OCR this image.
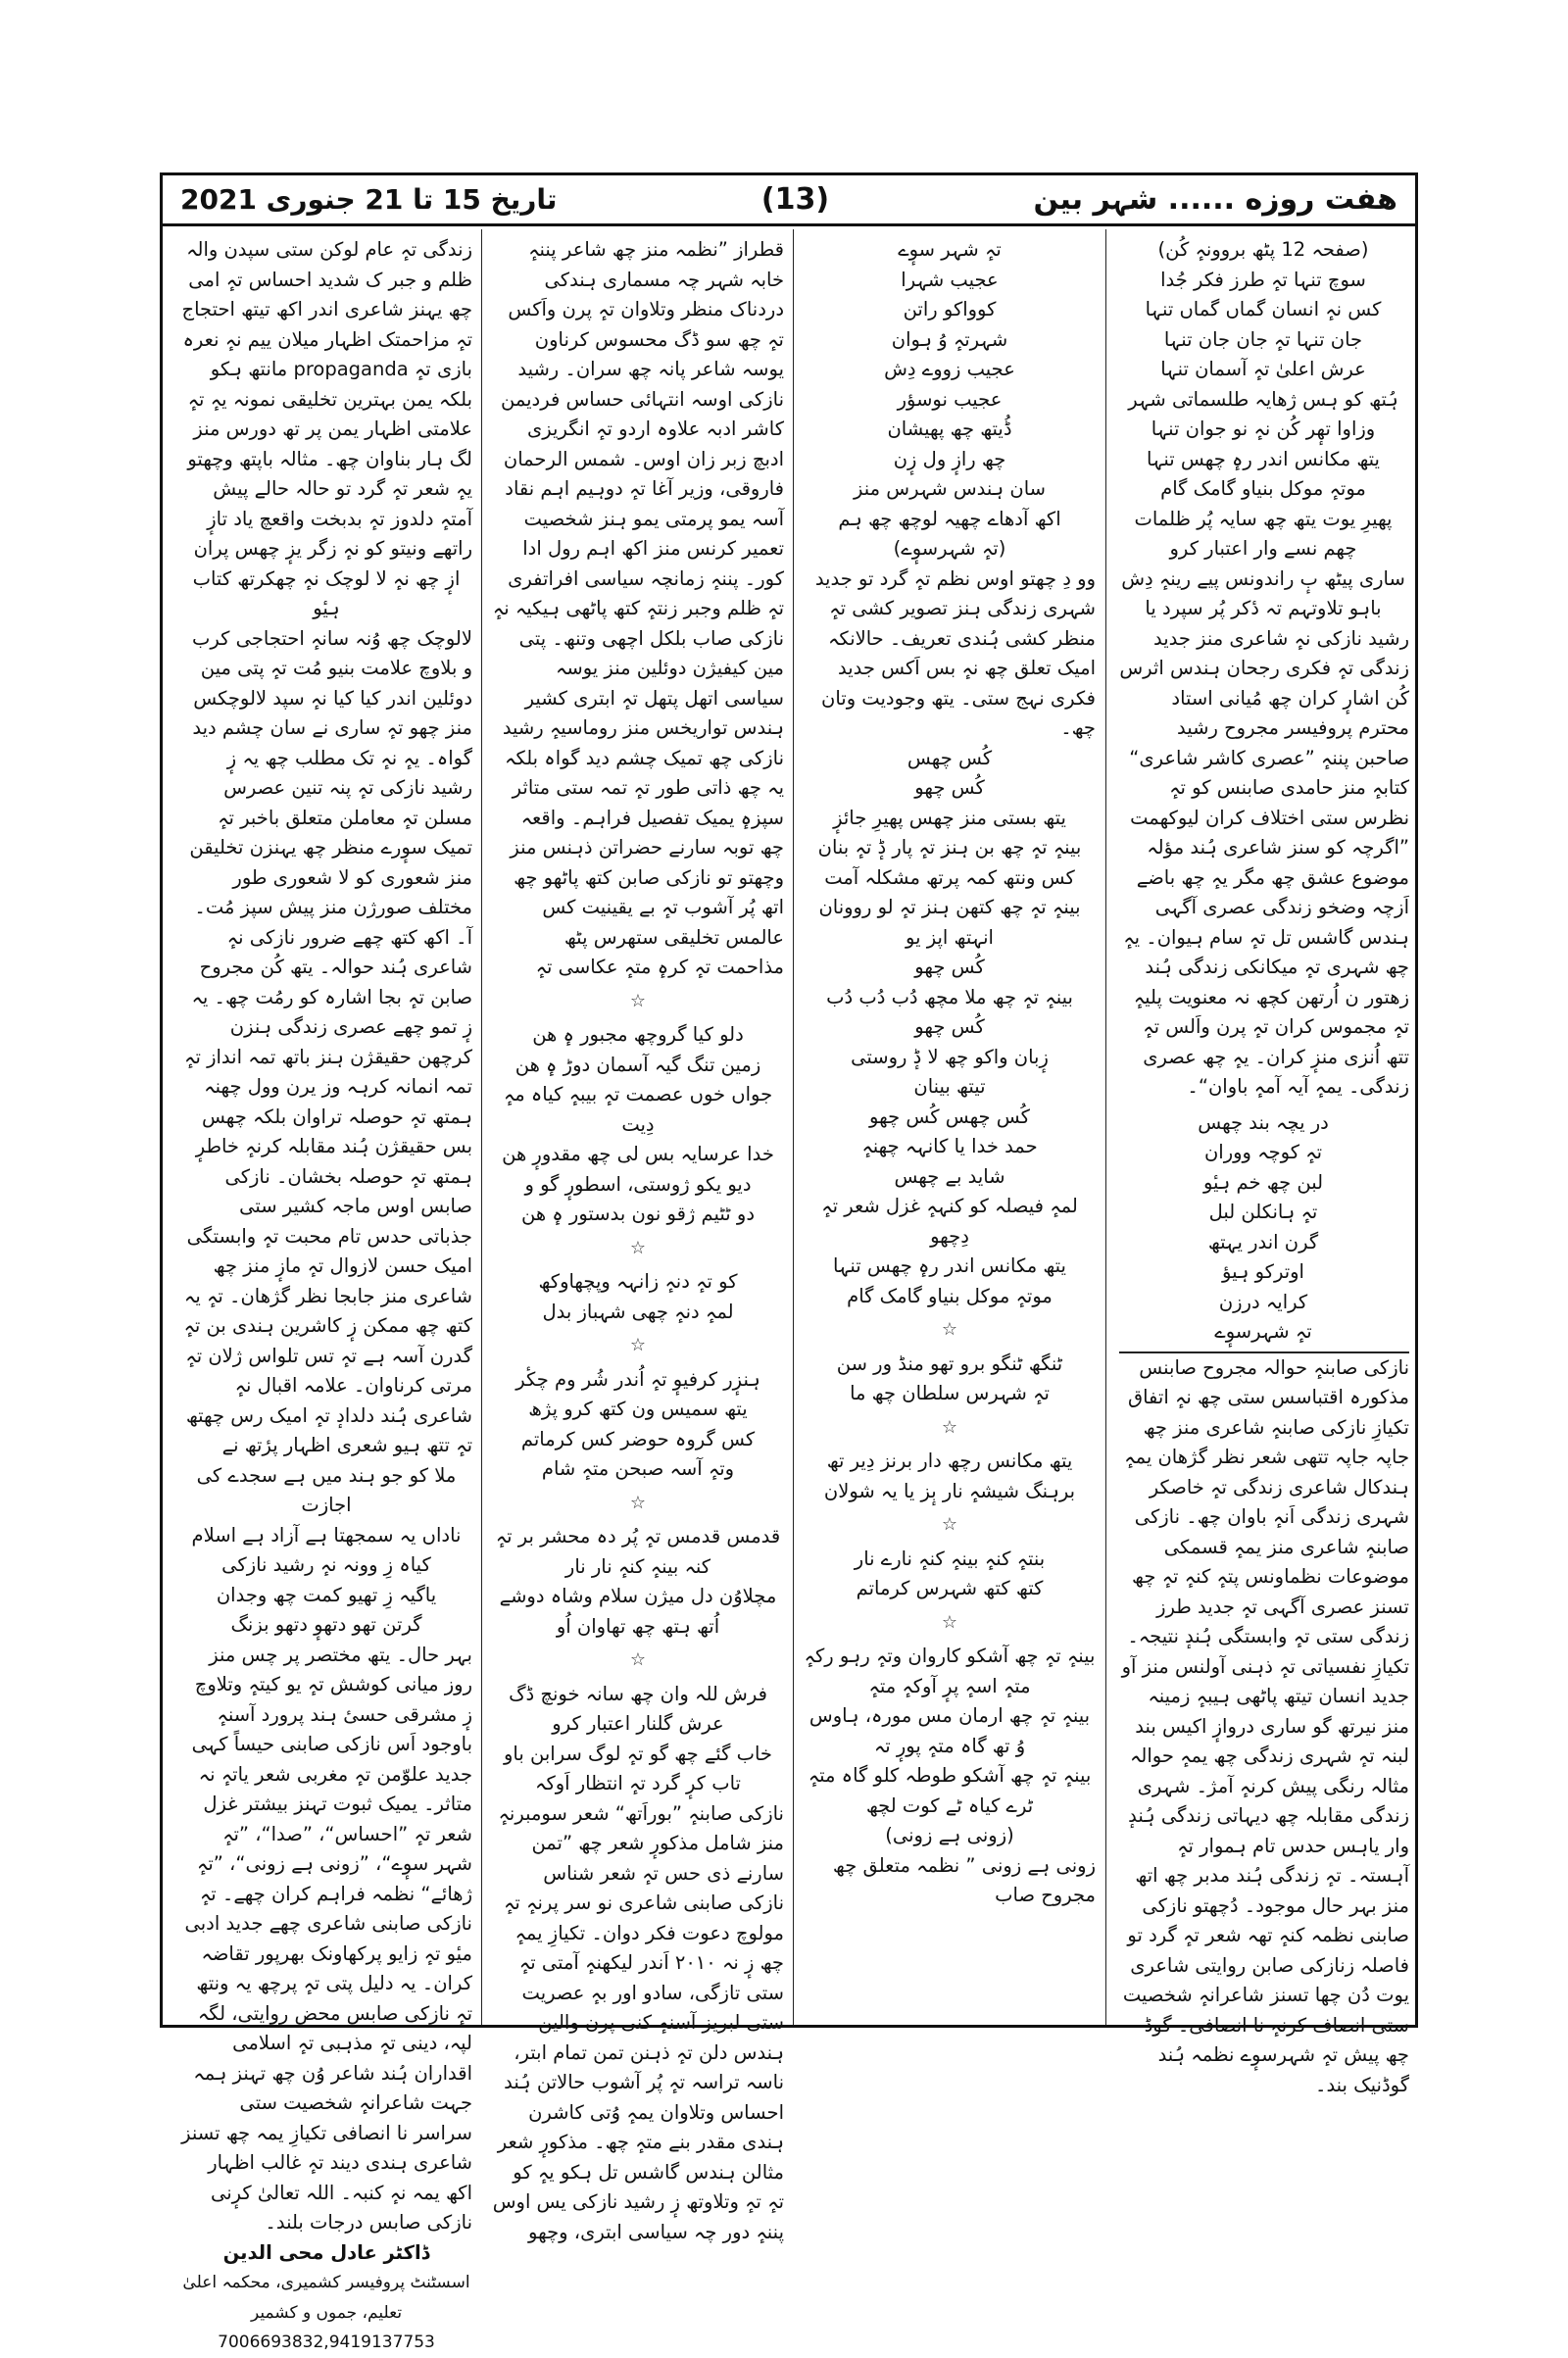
تاریخ 15 تا 21 جنوری 2021	(13)	هفت روزه ...... شہر بین

(صفحہ 12 پٹھ بروونہٕ کُن)

سوچ تنہا تہٕ طرز فکر جُدا

کس نہٕ انسان گماں گماں تنہا

جان تنہا تہٕ جان جان تنہا

عرش اعلیٰ تہٕ آسمان تنہا

ہُتھ کو ہس ژھایہ طلسماتی شہر

وزاوا تھٕر کُن نہٕ نو جوان تنہا

یتھ مکانس اندر رہٕ چھس تنہا

موتہٕ موکل بنیاو گامک گام

پھیرِ یوت یتھ چھ سایہ پُر ظلمات

چھم نسے وار اعتبار کرو

ساری پیٹھ بٕ راندونس پیے رینہٕ دِش

باہو تلاوتہم تہ دٔکر پُر سپرد یا

رشید نازکی نہٕ شاعری منز جدید زندگی تہٕ فکری رجحان ہندس اثرس کُن اشارٕ کران چھ مُیانی استاد محترم پروفیسر مجروح رشید صاحبن پننہٕ ”عصری کاشر شاعری“ کتابہٕ منز حامدی صابنس کو تہٕ نظرس ستی اختلاف کران لیوکھمت ”اگرچہ کو سنز شاعری ہُند مؤلہ موضوع عشق چھ مگر یہٕ چھ باضے اَزچہ وضخو زندگی عصری آگہی ہندس گاشس تل تہٕ سام ہیوان۔ یہٕ چھ شہری تہٕ میکانکی زندگی ہُند زھتور ن اُرتھن کچھ نہ معنویت پلیہٕ تہٕ مجموس کران تہٕ پرن واَلس تہٕ تتھ اُنزی منزٕ کران۔ یہٕ چھ عصری زندگی۔ یمہٕ آیہ آمہٕ باوان“۔

در یچہ بند چھس

تہٕ کوچہ ووران

لبن چھ خم ہیٔو

تہٕ ہانکلن لبل

گرن اندر یہتھ

اوترکو ہیؤ

کرایہ درزن

تہٕ شہرسوٕے

نازکی صابنہٕ حوالہ مجروح صابنس مذکورہ اقتباسس ستی چھ نہٕ اتفاق تکیازِ نازکی صابنہٕ شاعری منز چھ جاپہ جاپہ تتھی شعر نظر گژھان یمہٕ ہندکال شاعری زندگی تہٕ خاصکر شہری زندگی اَنہٕ باوان چھ۔ نازکی صابنہٕ شاعری منز یمہٕ قسمکی موضوعات نظماونس پتہٕ کنہٕ تہٕ چھ تسنز عصری آگہی تہٕ جدید طرز زندگی ستی تہٕ وابستگی ہُندٕ نتیجہ۔ تکیازِ نفسیاتی تہٕ ذہنی آولنس منز آو جدید انسان تیتھ پاٹھی ہیبہٕ زمینہ منز نیرتھ گو ساری دروازٕ اکیس بند لبنہ تہٕ شہری زندگی چھ یمہٕ حوالہ مثالہ رنگی پیش کرنہٕ آمژ۔ شہری زندگی مقابلہ چھ دیہاتی زندگی ہُندٕ وار یاہس حدس تام ہموار تہٕ آہستہ۔ تہٕ زندگی ہُند مدبر چھ اتھ منز بہر حال موجود۔ دُچھتو نازکی صابنی نظمہ کنہٕ تھہ شعر تہٕ گرد تو فاصلہ زنازکی صابن روایتی شاعری یوت دُن چھا تسنز شاعرانہٕ شخصیت ستی انصاف کرنہٕ نا انصافی۔ گوڈ چھ پیش تہٕ شہرسوٕے نظمہ ہُند گوڈنیک بند۔

تہٕ شہر سوٕے

عجیب شہرا

کوواکو راتن

شہرتہٕ وُ ہوان

عجیب زووے دِش

عجیب نوسؤر

ڈُیتھ چھ پھیشان

چھ رازٕ ول زٕن

سان ہندس شہرس منز

اکھ آدھاے چھیہ لوچھ چھ ہم

(تہٕ شہرسوٕے)

وو دِ چھتو اوس نظم تہٕ گرد تو جدید شہری زندگی ہنز تصویر کشی تہٕ منظر کشی ہُندی تعریف۔ حالانکہ امیک تعلق چھ نہٕ بس اَکس جدید فکری نہج ستی۔ یتھ وجودیت وتان چھ۔

کُس چھس

کُس چھو

یتھ بستی منز چھس پھیرِ جائزٕ

بینہٕ تہٕ چھ بن ہنز تہٕ پار ڈٕ تہٕ بنان

کس ونتھ کمہ پرتھ مشکلہ آمت

بینہٕ تہٕ چھ کتھن ہنز تہٕ لو روونان

انہتھ اپز یو

کُس چھو

بینہٕ تہٕ چھ ملا مچھ دُب دُب دُب

کُس چھو

زٕبان واکو چھ لا ڈٕ روستی

تیتھ بینان

کُس چھس کُس چھو

حمد خدا یا کانہہ چھنہٕ

شاید بے چھس

لمہٕ فیصلہ کو کنہہٕ غزل شعر تہٕ دِچھو

یتھ مکانس اندر رہٕ چھس تنہا

موتہٕ موکل بنیاو گامک گام

☆

ٹنگھ ٹنگو برو تھو منڈ ور سن

تہٕ شہرس سلطان چھ ما

☆

یتھ مکانس رچھ دار برنز دِیر تھ

برہنگ شیشہٕ نار بٕز یا یہ شولان

☆

بنتہٕ کنہٕ بینہٕ کنہٕ نارے نار

کتھ کتھ شہرس کرماتم

☆

بینہٕ تہٕ چھ آشکو کاروان وتہٕ رہو رکہٕ متہٕ اسہٕ پرٕ آوکہٕ متہٕ

بینہٕ تہٕ چھ ارمان مس مورہ، ہاوس وُ تھ گاہ متہٕ پورٕ تہ

بینہٕ تہٕ چھ آشکو طوطہ کلو گاہ متہٕ ٹرے کیاہ ٹے کوت لچھ

(زونی ہے زونی)

زونی ہے زونی ” نظمہ متعلق چھ مجروح صاب

قطراز ”نظمہ منز چھ شاعر پننہٕ خابہ شہر چہ مسماری ہندکی دردناک منظر وتلاوان تہٕ پرن واَکس تہٕ چھ سو ڈگ محسوس کرناون یوسہ شاعر پانہ چھ سران۔ رشید نازکی اوسہ انتہائی حساس فردیمن کاشر ادبہ علاوہ اردو تہٕ انگریزی ادبچ زبر زان اوس۔ شمس الرحمان فاروقی، وزیر آغا تہٕ دوہیم اہم نقاد آسہ یمو پرمتی یمو ہنز شخصیت تعمیر کرنس منز اکھ اہم رول ادا کور۔ پننہٕ زمانچہ سیاسی افراتفری تہٕ ظلم وجبر زنتہٕ کتھ پاٹھی ہیکیہ نہٕ نازکی صاب بلکل اچھی وتنھ۔ پتی مین کیفیژن دوئلین منز یوسہ سیاسی اتھل پتھل تہٕ ابتری کشیر ہندس تواریخس منز روماسیہٕ رشید نازکی چھ تمیک چشم دید گواہ بلکہ یہ چھ ذاتی طور تہٕ تمہ ستی متاثر سپزہٕ یمیک تفصیل فراہم۔ واقعہ چھ توبہ سارنے حضراتن ذہنس منز وچھتو تو نازکی صابن کتھ پاٹھو چھ اتھ پُر آشوب تہٕ بے یقینیت کس عالمس تخلیقی ستھرس پٹھ مذاحمت تہٕ کرہٕ متہٕ عکاسی تہٕ

☆

دلو کیا گروچھ مجبور ہٕ ھن

زمین تنگ گیہ آسمان دوڑ ہٕ ھن

جواں خوں عصمت تہٕ بیبہٕ کیاہ مہٕ دِیت

خدا عرسایہ بس لی چھ مقدورٕ ھن

دیو یکو ژوستی، اسطورٕ گو و

دو ٹٹیم ژقو نون بدستور ہٕ ھن

☆

کو تہٕ دنہٕ زانہہ وپچھاوکھ

لمہٕ دنہٕ چھی شہباز بدل

☆

ہنزٕر کرفیوٕ تہٕ اُندر شُر وم چکٔر

یتھ سمیس ون کتھ کرو پژھ

کس گروہ حوضر کس کرماتم

وتہٕ آسہ صبحن متہٕ شام

☆

قدمس قدمس تہٕ پُر دہ محشر بر تہٕ کنہ بینہٕ کنہٕ نار نار

مچلاوُن دل میژن سلام وشاہ دوشے اُتھ ہتھ چھ تھاوان اُو

☆

فرش للہ وان چھ سانہ خونچ ڈگ

عرش گلنار اعتبار کرو

خاب گئے چھ گو تہٕ لوگ سرابن باو

تاب کرٕ گرد تہٕ انتظار اَوکہ

نازکی صابنہٕ ”بوراَتھ“ شعر سومبرنہٕ منز شامل مذکورٕ شعر چھ ”تمن سارنے ذی حس تہٕ شعر شناس نازکی صابنی شاعری نو سر پرنہٕ تہٕ مولوچ دعوت فکر دوان۔ تکیازِ یمہٕ چھ زٕ نہ ۲۰۱۰ اَندر لیکھنہٕ آمتی تہٕ ستی تازگی، سادو اور بہٕ عصریت ستی لبریز آسنہٕ کنی پرن والین ہندس دلن تہٕ ذہنن تمن تمام ابتر، ناسہ تراسہ تہٕ پُر آشوب حالاتن ہُند احساس وتلاوان یمہٕ وُتی کاشرن ہندی مقدر بنے متہٕ چھ۔ مذکورٕ شعر مثالن ہندس گاشس تل ہکو یہٕ کو تہٕ تہٕ وتلاوتھ زٕ رشید نازکی یس اوس پننہٕ دور چہ سیاسی ابتری، وچھو

زندگی تہٕ عام لوکن ستی سپدن والہ ظلم و جبر ک شدید احساس تہٕ امی چھ یہنز شاعری اندر اکھ تیتھ احتجاج تہٕ مزاحمتک اظہار میلان ییم نہٕ نعرہ بازی تہٕ propaganda مانتھ ہکو بلکہ یمن بہترین تخلیقی نمونہ یہٕ تہٕ علامتی اظہار یمن پر تھ دورس منز لگ ہار بناوان چھ۔ مثالہ باپتھ وچھتو یہٕ شعر تہٕ گرد تو حالہ حالے پیش آمتہٕ دلدوز تہٕ بدبخت واقعچ یاد تازٕ راتھے ونیتو کو نہٕ زگر یزٕ چھس پران

ازٕ چھ نہٕ لا لوچک نہٕ چھکرتھ کتاب ہیٔو

لالوچک چھ وُنہ سانہٕ احتجاجی کرب و بلاوچ علامت بنیو مُت تہٕ پتی مین دوئلین اندر کیا کیا نہٕ سپد لالوچکس منز چھو تہٕ ساری نے سان چشم دید گواہ۔ یہٕ نہٕ تک مطلب چھ یہ زٕ رشید نازکی تہٕ پنہ تنین عصرس مسلن تہٕ معاملن متعلق باخبر تہٕ تمیک سوٕرے منظر چھ یہنزن تخلیقن منز شعوری کو لا شعوری طور مختلف صورژن منز پیش سپز مُت۔ آ۔ اکھ کتھ چھے ضرور نازکی نہٕ شاعری ہُند حوالہ۔ یتھ کُن مجروح صابن تہٕ بجا اشارہ کو رمُت چھ۔ یہ زٕ تمو چھے عصری زندگی ہنزن کرچھن حقیقژن ہنز باتھ تمہ انداز تہٕ تمہ انمانہ کرہہ وز یرن وول چھنہ ہمتھ تہٕ حوصلہ تراوان بلکہ چھس بس حقیقژن ہُند مقابلہ کرنہٕ خاطرٕ ہمتھ تہٕ حوصلہ بخشان۔ نازکی صابس اوس ماجہ کشیر ستی جذباتی حدس تام محبت تہٕ وابستگی امیک حسن لازوال تہٕ مازٕ منز چھ شاعری منز جابجا نظر گژھان۔ تہٕ یہ کتھ چھ ممکن زٕ کاشرین ہندی بن تہٕ گدرن آسہ ہے تہٕ تس تلواس ژلان تہٕ مرتی کرناوان۔ علامہ اقبال نہٕ شاعری ہُند دلدادٕ تہٕ امیک رس چھتھ تہٕ تتھ ہیو شعری اظہار پرٔتھ نے

ملا کو جو ہند میں ہے سجدے کی اجازت

ناداں یہ سمجھتا ہے آزاد ہے اسلام

کیاہ زِ وونہ نہٕ رشید نازکی

یاگیہ زِ تھیو کمت چھ وجدان

گرتن تھو دتھوٕ دتھو بزنگ

بہر حال۔ یتھ مختصر پر چس منز روز میانی کوشش تہٕ یو کیتہٕ وتلاوچ زٕ مشرقی حسیٔ ہند پرورد آسنہٕ باوجود اَس نازکی صابنی حیساً کہی جدید علوّمن تہٕ مغربی شعر یاتہٕ نہ متاثر۔ یمیک ثبوت تہنز بیشتر غزل شعر تہٕ ”احساس“، ”صدا“، ”تہٕ شہر سوٕے“، ”زونی ہے زونی“، ”تہٕ ژھائے“ نظمہ فراہم کران چھے۔ تہٕ نازکی صابنی شاعری چھے جدید ادبی میٔو تہٕ زایو پرکھاونک بھرپور تقاضہ کران۔ یہ دلیل پتی تہٕ پرچھ یہ ونتھ تہٕ نازکی صابس محض روایتی، لگہ لپہ، دینی تہٕ مذہبی تہٕ اسلامی اقداران ہُند شاعر وُن چھ تہنز ہمہ جہت شاعرانہٕ شخصیت ستی سراسر نا انصافی تکیازِ یمہ چھ تسنز شاعری ہندی دیند تہٕ غالب اظہار اکھ یمہ نہٕ کنبہ۔ اللہ تعالیٰ کرٕنی نازکی صابس درجات بلند۔

ڈاکٹر عادل محی الدین

اسسٹنٹ پروفیسر کشمیری، محکمہ اعلیٰ تعلیم، جموں و کشمیر

7006693832,9419137753
